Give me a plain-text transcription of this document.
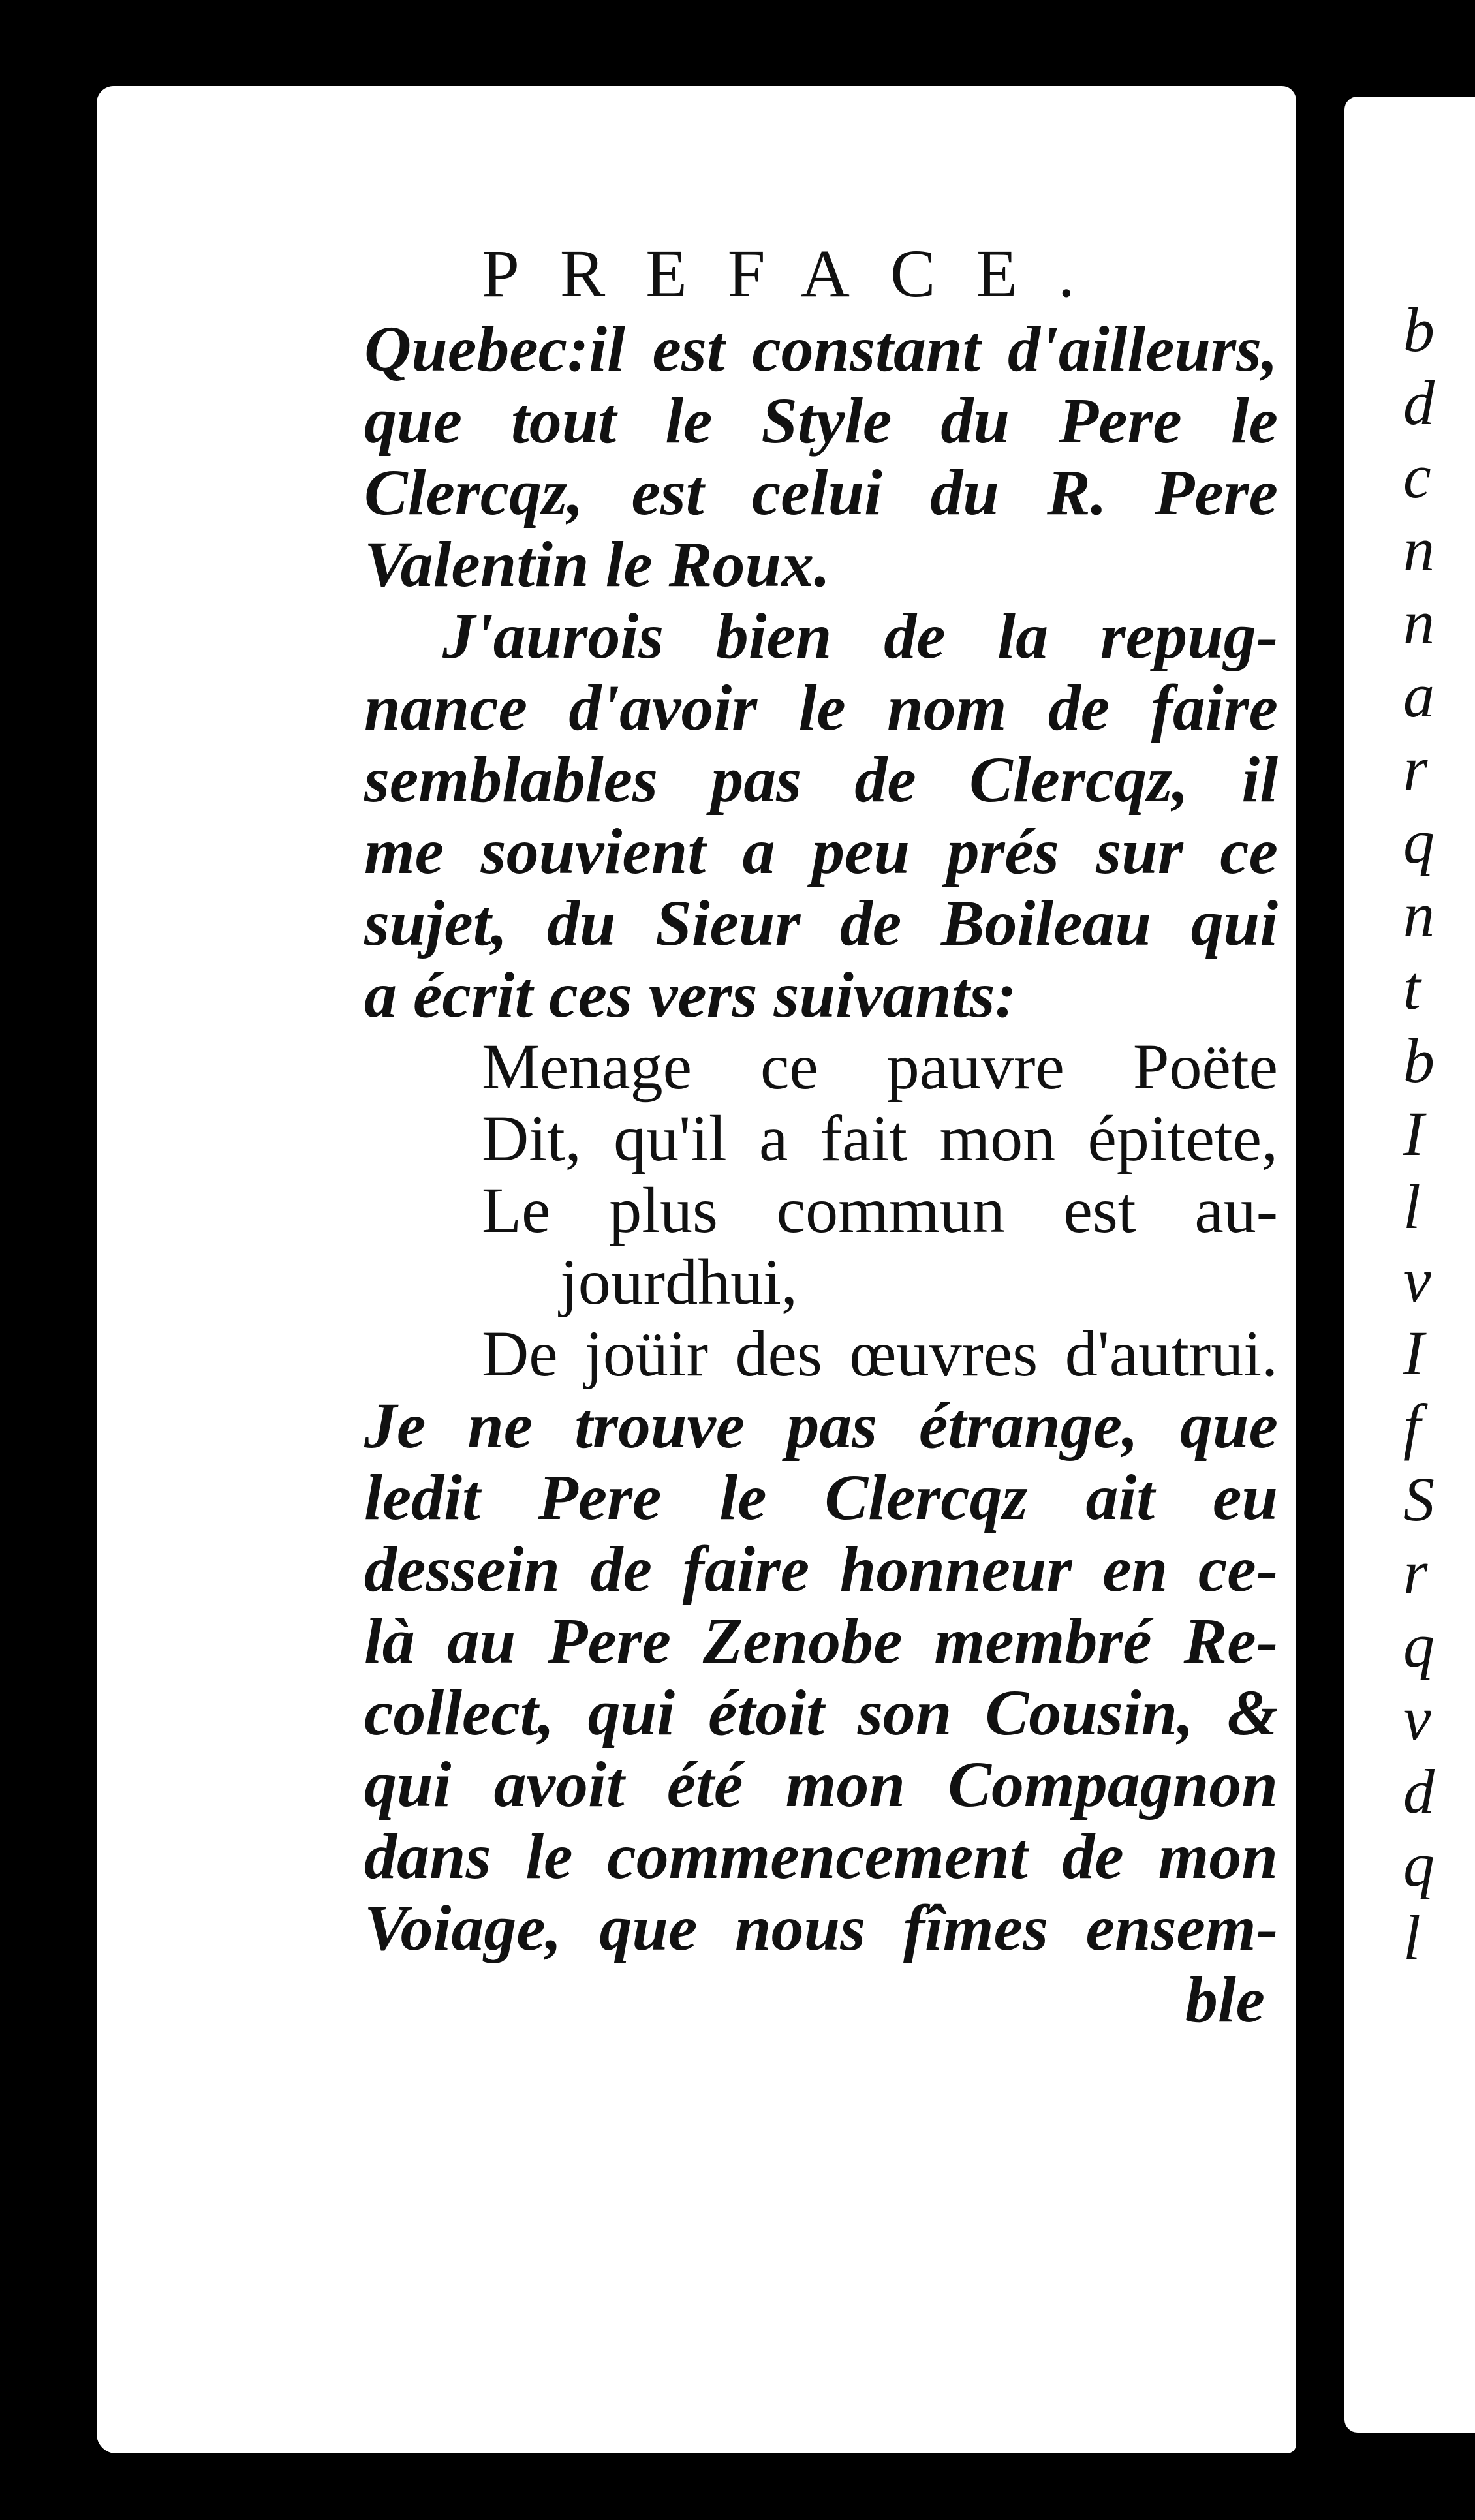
b
d
c
n
n
a
r
q
n
t
b
I
l
v
I
f
S
r
q
v
d
q
l
PREFACE.
Quebec:il est constant d'ailleurs,
que tout le Style du Pere le
Clercqz, est celui du R. Pere
Valentin le Roux.
J'aurois bien de la repug-
nance d'avoir le nom de faire
semblables pas de Clercqz, il
me souvient a peu prés sur ce
sujet, du Sieur de Boileau qui
a écrit ces vers suivants:
Menage ce pauvre Poëte
Dit, qu'il a fait mon épitete,
Le plus commun est au-
jourdhui,
De joüir des œuvres d'autrui.
Je ne trouve pas étrange, que
ledit Pere le Clercqz ait eu
dessein de faire honneur en ce-
là au Pere Zenobe membré Re-
collect, qui étoit son Cousin, &
qui avoit été mon Compagnon
dans le commencement de mon
Voiage, que nous fîmes ensem-
ble
